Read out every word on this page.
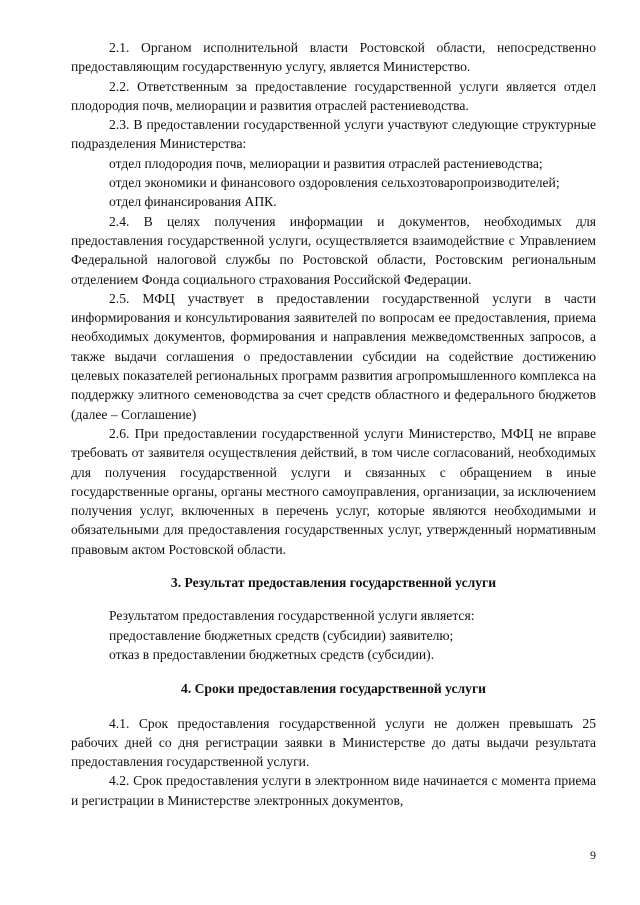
2.1. Органом исполнительной власти Ростовской области, непосредственно предоставляющим государственную услугу, является Министерство.

2.2. Ответственным за предоставление государственной услуги является отдел плодородия почв, мелиорации и развития отраслей растениеводства.

2.3. В предоставлении государственной услуги участвуют следующие структурные подразделения Министерства:

отдел плодородия почв, мелиорации и развития отраслей растениеводства;

отдел экономики и финансового оздоровления сельхозтоваропроизводителей;

отдел финансирования АПК.

2.4. В целях получения информации и документов, необходимых для предоставления государственной услуги, осуществляется взаимодействие с Управлением Федеральной налоговой службы по Ростовской области, Ростовским региональным отделением Фонда социального страхования Российской Федерации.

2.5. МФЦ участвует в предоставлении государственной услуги в части информирования и консультирования заявителей по вопросам ее предоставления, приема необходимых документов, формирования и направления межведомственных запросов, а также выдачи соглашения о предоставлении субсидии на содействие достижению целевых показателей региональных программ развития агропромышленного комплекса на поддержку элитного семеноводства за счет средств областного и федерального бюджетов (далее – Соглашение)

2.6. При предоставлении государственной услуги Министерство, МФЦ не вправе требовать от заявителя осуществления действий, в том числе согласований, необходимых для получения государственной услуги и связанных с обращением в иные государственные органы, органы местного самоуправления, организации, за исключением получения услуг, включенных в перечень услуг, которые являются необходимыми и обязательными для предоставления государственных услуг, утвержденный нормативным правовым актом Ростовской области.

3. Результат предоставления государственной услуги

Результатом предоставления государственной услуги является:

предоставление бюджетных средств (субсидии) заявителю;

отказ в предоставлении бюджетных средств (субсидии).

4. Сроки предоставления государственной услуги

4.1. Срок предоставления государственной услуги не должен превышать 25 рабочих дней со дня регистрации заявки в Министерстве до даты выдачи результата предоставления государственной услуги.

4.2. Срок предоставления услуги в электронном виде начинается с момента приема и регистрации в Министерстве электронных документов,

9
